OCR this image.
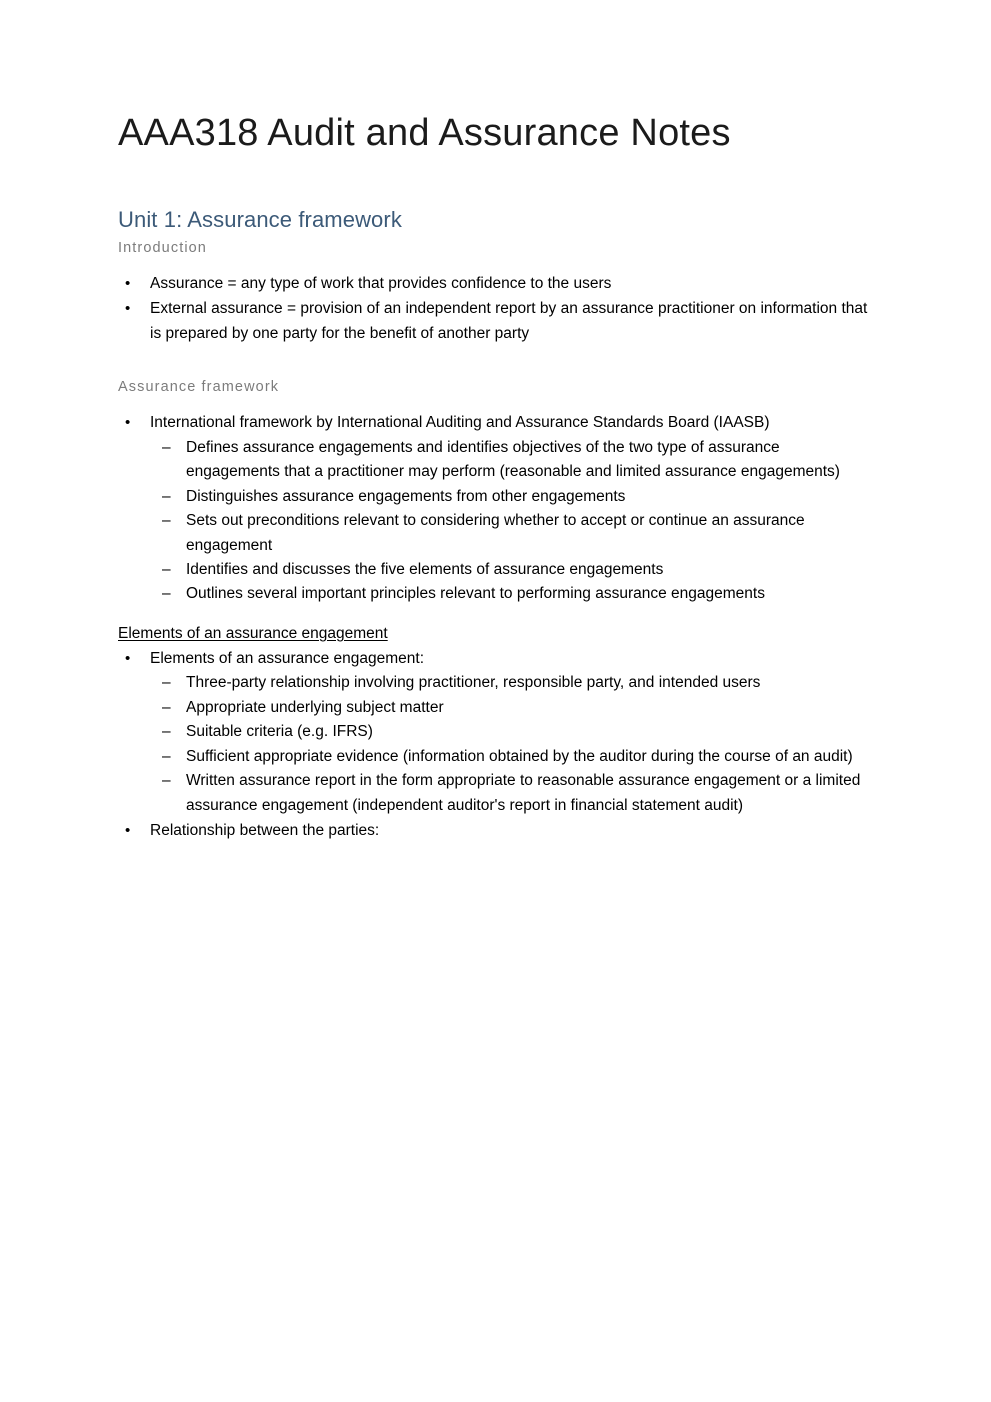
AAA318 Audit and Assurance Notes
Unit 1: Assurance framework
Introduction
• Assurance = any type of work that provides confidence to the users
• External assurance = provision of an independent report by an assurance practitioner on information that is prepared by one party for the benefit of another party
Assurance framework
• International framework by International Auditing and Assurance Standards Board (IAASB)
– Defines assurance engagements and identifies objectives of the two type of assurance engagements that a practitioner may perform (reasonable and limited assurance engagements)
– Distinguishes assurance engagements from other engagements
– Sets out preconditions relevant to considering whether to accept or continue an assurance engagement
– Identifies and discusses the five elements of assurance engagements
– Outlines several important principles relevant to performing assurance engagements
Elements of an assurance engagement
• Elements of an assurance engagement:
– Three-party relationship involving practitioner, responsible party, and intended users
– Appropriate underlying subject matter
– Suitable criteria (e.g. IFRS)
– Sufficient appropriate evidence (information obtained by the auditor during the course of an audit)
– Written assurance report in the form appropriate to reasonable assurance engagement or a limited assurance engagement (independent auditor's report in financial statement audit)
• Relationship between the parties:
